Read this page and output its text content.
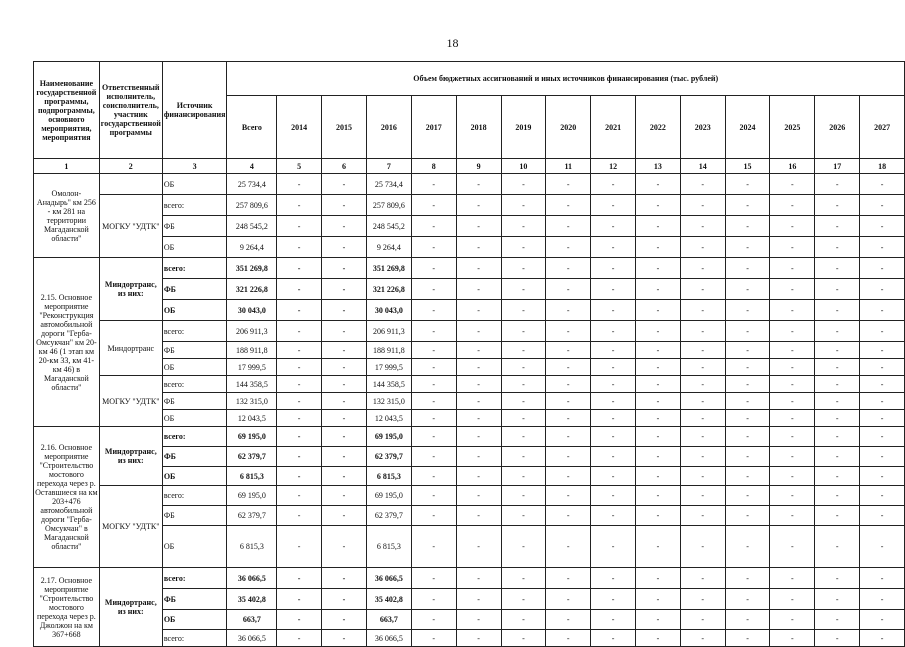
18
Наименование государственной программы, подпрограммы, основного мероприятия, мероприятия	Ответственный исполнитель, соисполнитель, участник государственной программы	Источник финансирования	Объем бюджетных ассигнований и иных источников финансирования (тыс. рублей)														
			Всего	2014	2015	2016	2017	2018	2019	2020	2021	2022	2023	2024	2025	2026	2027
1	2	3	4	5	6	7	8	9	10	11	12	13	14	15	16	17	18
Омолон-Анадырь" км 256 - км 281 на территории Магаданской области"		ОБ	25 734,4	-	-	25 734,4	-	-	-	-	-	-	-	-	-	-	-
	МОГКУ "УДТК"	всего:	257 809,6	-	-	257 809,6	-	-	-	-	-	-	-	-	-	-	-
		ФБ	248 545,2	-	-	248 545,2	-	-	-	-	-	-	-	-	-	-	-
		ОБ	9 264,4	-	-	9 264,4	-	-	-	-	-	-	-	-	-	-	-
2.15. Основное мероприятие "Реконструкция автомобильной дороги "Герба-Омсукчан" км 20-км 46 (1 этап км 20-км 33, км 41-км 46) в Магаданской области"	Миндортранс, из них:	всего:	351 269,8	-	-	351 269,8	-	-	-	-	-	-	-	-	-	-	-
		ФБ	321 226,8	-	-	321 226,8	-	-	-	-	-	-	-	-	-	-	-
		ОБ	30 043,0	-	-	30 043,0	-	-	-	-	-	-	-	-	-	-	-
	Миндортранс	всего:	206 911,3	-	-	206 911,3	-	-	-	-	-	-	-	-	-	-	-
		ФБ	188 911,8	-	-	188 911,8	-	-	-	-	-	-	-	-	-	-	-
		ОБ	17 999,5	-	-	17 999,5	-	-	-	-	-	-	-	-	-	-	-
	МОГКУ "УДТК"	всего:	144 358,5	-	-	144 358,5	-	-	-	-	-	-	-	-	-	-	-
		ФБ	132 315,0	-	-	132 315,0	-	-	-	-	-	-	-	-	-	-	-
		ОБ	12 043,5	-	-	12 043,5	-	-	-	-	-	-	-	-	-	-	-
2.16. Основное мероприятие "Строительство мостового перехода через р. Оставшиеся на км 203+476 автомобильной дороги "Герба-Омсукчан" в Магаданской области"	Миндортранс, из них:	всего:	69 195,0	-	-	69 195,0	-	-	-	-	-	-	-	-	-	-	-
		ФБ	62 379,7	-	-	62 379,7	-	-	-	-	-	-	-	-	-	-	-
		ОБ	6 815,3	-	-	6 815,3	-	-	-	-	-	-	-	-	-	-	-
	МОГКУ "УДТК"	всего:	69 195,0	-	-	69 195,0	-	-	-	-	-	-	-	-	-	-	-
		ФБ	62 379,7	-	-	62 379,7	-	-	-	-	-	-	-	-	-	-	-
		ОБ	6 815,3	-	-	6 815,3	-	-	-	-	-	-	-	-	-	-	-
2.17. Основное мероприятие "Строительство мостового перехода через р. Джолжон на км 367+668	Миндортранс, из них:	всего:	36 066,5	-	-	36 066,5	-	-	-	-	-	-	-	-	-	-	-
		ФБ	35 402,8	-	-	35 402,8	-	-	-	-	-	-	-	-	-	-	-
		ОБ	663,7	-	-	663,7	-	-	-	-	-	-	-	-	-	-	-
		всего:	36 066,5	-	-	36 066,5	-	-	-	-	-	-	-	-	-	-	-
